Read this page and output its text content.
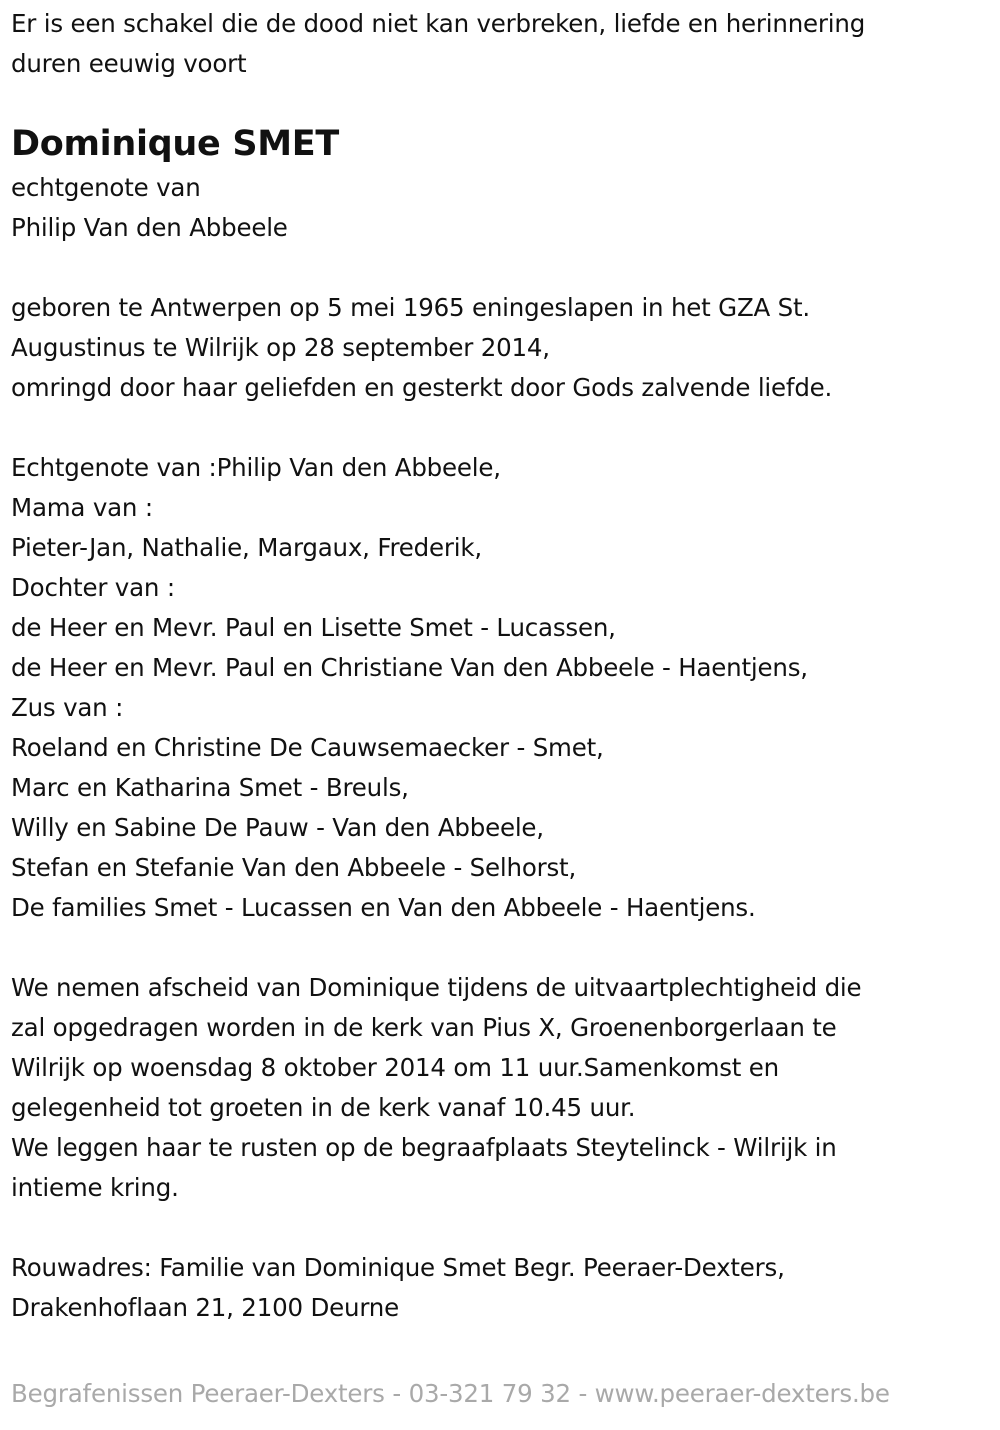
Er is een schakel die de dood niet kan verbreken, liefde en herinnering
duren eeuwig voort
Dominique SMET
echtgenote van
Philip Van den Abbeele
geboren te Antwerpen op 5 mei 1965 eningeslapen in het GZA St.
Augustinus te Wilrijk op 28 september 2014,
omringd door haar geliefden en gesterkt door Gods zalvende liefde.
Echtgenote van :Philip Van den Abbeele,
Mama van :
Pieter-Jan, Nathalie, Margaux, Frederik,
Dochter van :
de Heer en Mevr. Paul en Lisette Smet - Lucassen,
de Heer en Mevr. Paul en Christiane Van den Abbeele - Haentjens,
Zus van :
Roeland en Christine De Cauwsemaecker - Smet,
Marc en Katharina Smet - Breuls,
Willy en Sabine De Pauw - Van den Abbeele,
Stefan en Stefanie Van den Abbeele - Selhorst,
De families Smet - Lucassen en Van den Abbeele - Haentjens.
We nemen afscheid van Dominique tijdens de uitvaartplechtigheid die
zal opgedragen worden in de kerk van Pius X, Groenenborgerlaan te
Wilrijk op woensdag 8 oktober 2014 om 11 uur.Samenkomst en
gelegenheid tot groeten in de kerk vanaf 10.45 uur.
We leggen haar te rusten op de begraafplaats Steytelinck - Wilrijk in
intieme kring.
Rouwadres: Familie van Dominique Smet Begr. Peeraer-Dexters,
Drakenhoflaan 21, 2100 Deurne
Begrafenissen Peeraer-Dexters - 03-321 79 32 - www.peeraer-dexters.be
